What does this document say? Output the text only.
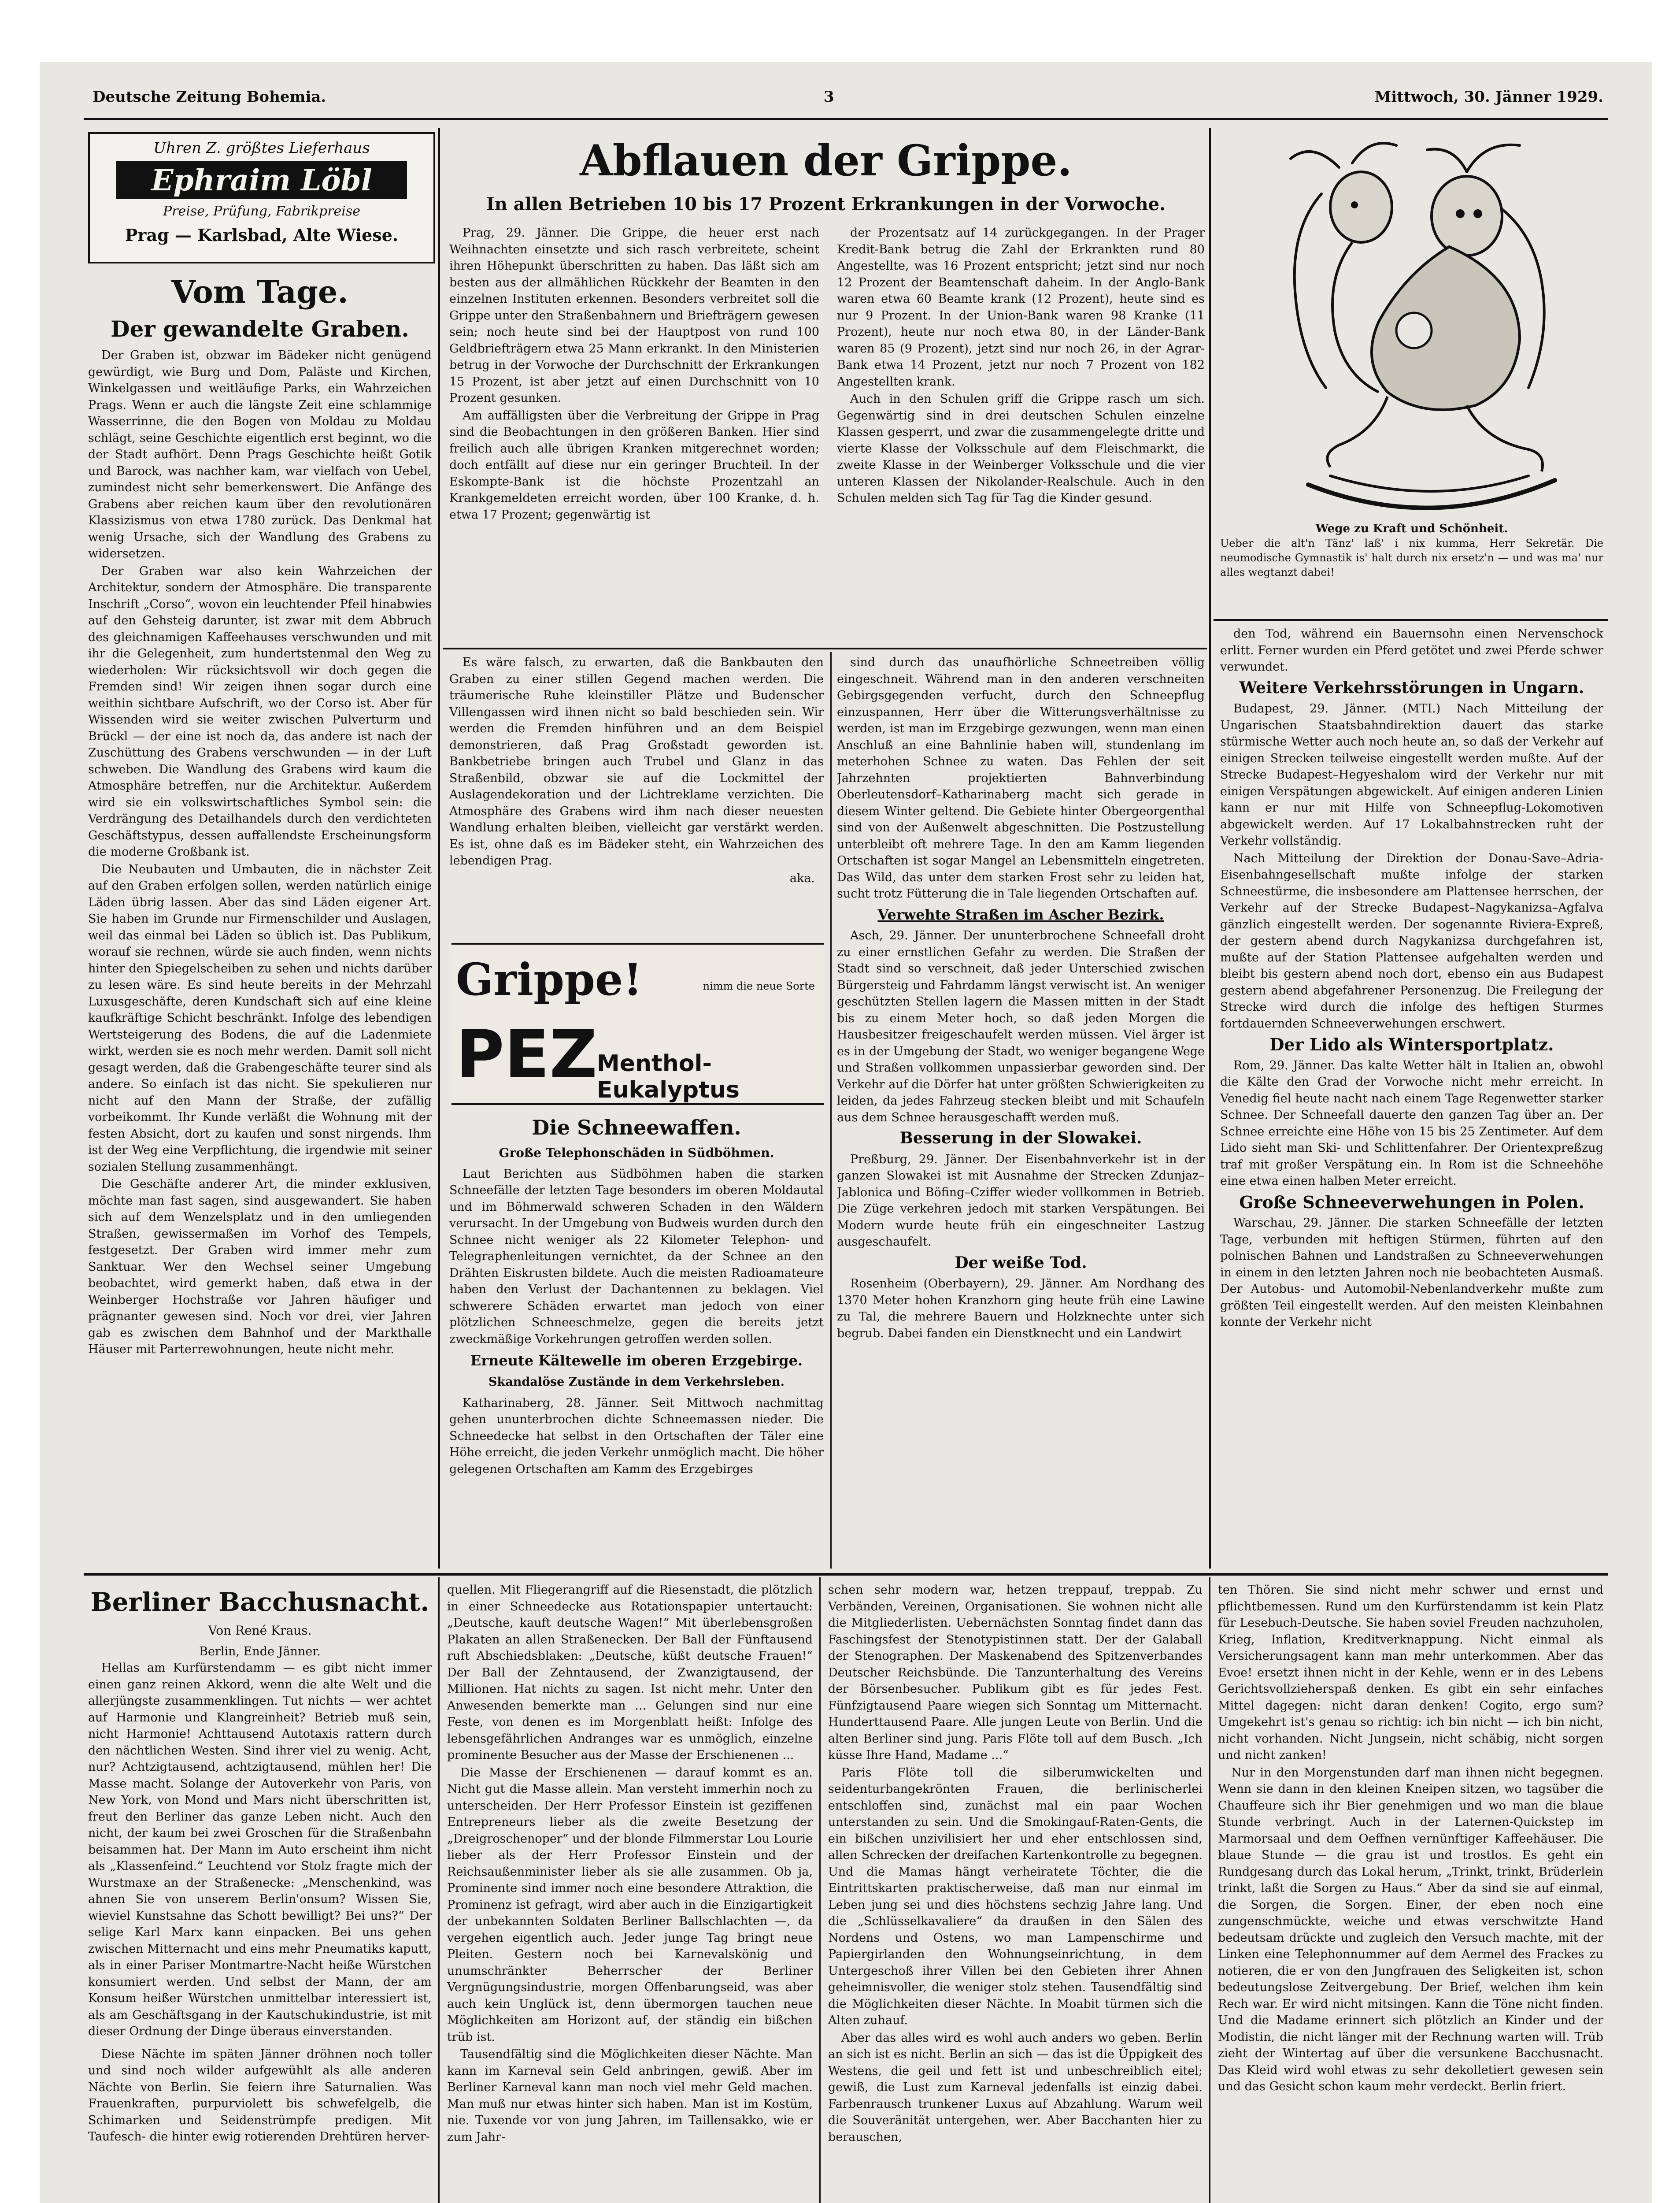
Deutsche Zeitung Bohemia.	3	Mittwoch, 30. Jänner 1929.
Uhren Z. größtes Lieferhaus
Ephraim Löbl
Preise, Prüfung, Fabrikpreise
Prag — Karlsbad, Alte Wiese.
Vom Tage.
Der gewandelte Graben.

Der Graben ist, obzwar im Bädeker nicht genügend gewürdigt, wie Burg und Dom, Paläste und Kirchen, Winkelgassen und weitläufige Parks, ein Wahrzeichen Prags. Wenn er auch die längste Zeit eine schlammige Wasserrinne, die den Bogen von Moldau zu Moldau schlägt, seine Geschichte eigentlich erst beginnt, wo die der Stadt aufhört. Denn Prags Geschichte heißt Gotik und Barock, was nachher kam, war vielfach von Uebel, zumindest nicht sehr bemerkenswert. Die Anfänge des Grabens aber reichen kaum über den revolutionären Klassizismus von etwa 1780 zurück. Das Denkmal hat wenig Ursache, sich der Wandlung des Grabens zu widersetzen.

Der Graben war also kein Wahrzeichen der Architektur, sondern der Atmosphäre. Die transparente Inschrift „Corso“, wovon ein leuchtender Pfeil hinabwies auf den Gehsteig darunter, ist zwar mit dem Abbruch des gleichnamigen Kaffeehauses verschwunden und mit ihr die Gelegenheit, zum hundertstenmal den Weg zu wiederholen: Wir rücksichtsvoll wir doch gegen die Fremden sind! Wir zeigen ihnen sogar durch eine weithin sichtbare Aufschrift, wo der Corso ist. Aber für Wissenden wird sie weiter zwischen Pulverturm und Brückl — der eine ist noch da, das andere ist nach der Zuschüttung des Grabens verschwunden — in der Luft schweben. Die Wandlung des Grabens wird kaum die Atmosphäre betreffen, nur die Architektur. Außerdem wird sie ein volkswirtschaftliches Symbol sein: die Verdrängung des Detailhandels durch den verdichteten Geschäftstypus, dessen auffallendste Erscheinungsform die moderne Großbank ist.

Die Neubauten und Umbauten, die in nächster Zeit auf den Graben erfolgen sollen, werden natürlich einige Läden übrig lassen. Aber das sind Läden eigener Art. Sie haben im Grunde nur Firmenschilder und Auslagen, weil das einmal bei Läden so üblich ist. Das Publikum, worauf sie rechnen, würde sie auch finden, wenn nichts hinter den Spiegelscheiben zu sehen und nichts darüber zu lesen wäre. Es sind heute bereits in der Mehrzahl Luxusgeschäfte, deren Kundschaft sich auf eine kleine kaufkräftige Schicht beschränkt. Infolge des lebendigen Wertsteigerung des Bodens, die auf die Ladenmiete wirkt, werden sie es noch mehr werden. Damit soll nicht gesagt werden, daß die Grabengeschäfte teurer sind als andere. So einfach ist das nicht. Sie spekulieren nur nicht auf den Mann der Straße, der zufällig vorbeikommt. Ihr Kunde verläßt die Wohnung mit der festen Absicht, dort zu kaufen und sonst nirgends. Ihm ist der Weg eine Verpflichtung, die irgendwie mit seiner sozialen Stellung zusammenhängt.

Die Geschäfte anderer Art, die minder exklusiven, möchte man fast sagen, sind ausgewandert. Sie haben sich auf dem Wenzelsplatz und in den umliegenden Straßen, gewissermaßen im Vorhof des Tempels, festgesetzt. Der Graben wird immer mehr zum Sanktuar. Wer den Wechsel seiner Umgebung beobachtet, wird gemerkt haben, daß etwa in der Weinberger Hochstraße vor Jahren häufiger und prägnanter gewesen sind. Noch vor drei, vier Jahren gab es zwischen dem Bahnhof und der Markthalle Häuser mit Parterrewohnungen, heute nicht mehr.

Abflauen der Grippe.
In allen Betrieben 10 bis 17 Prozent Erkrankungen in der Vorwoche.

Prag, 29. Jänner. Die Grippe, die heuer erst nach Weihnachten einsetzte und sich rasch verbreitete, scheint ihren Höhepunkt überschritten zu haben. Das läßt sich am besten aus der allmählichen Rückkehr der Beamten in den einzelnen Instituten erkennen. Besonders verbreitet soll die Grippe unter den Straßenbahnern und Briefträgern gewesen sein; noch heute sind bei der Hauptpost von rund 100 Geldbriefträgern etwa 25 Mann erkrankt. In den Ministerien betrug in der Vorwoche der Durchschnitt der Erkrankungen 15 Prozent, ist aber jetzt auf einen Durchschnitt von 10 Prozent gesunken.

Am auffälligsten über die Verbreitung der Grippe in Prag sind die Beobachtungen in den größeren Banken. Hier sind freilich auch alle übrigen Kranken mitgerechnet worden; doch entfällt auf diese nur ein geringer Bruchteil. In der Eskompte-Bank ist die höchste Prozentzahl an Krankgemeldeten erreicht worden, über 100 Kranke, d. h. etwa 17 Prozent; gegenwärtig ist

der Prozentsatz auf 14 zurückgegangen. In der Prager Kredit-Bank betrug die Zahl der Erkrankten rund 80 Angestellte, was 16 Prozent entspricht; jetzt sind nur noch 12 Prozent der Beamtenschaft daheim. In der Anglo-Bank waren etwa 60 Beamte krank (12 Prozent), heute sind es nur 9 Prozent. In der Union-Bank waren 98 Kranke (11 Prozent), heute nur noch etwa 80, in der Länder-Bank waren 85 (9 Prozent), jetzt sind nur noch 26, in der Agrar-Bank etwa 14 Prozent, jetzt nur noch 7 Prozent von 182 Angestellten krank.

Auch in den Schulen griff die Grippe rasch um sich. Gegenwärtig sind in drei deutschen Schulen einzelne Klassen gesperrt, und zwar die zusammengelegte dritte und vierte Klasse der Volksschule auf dem Fleischmarkt, die zweite Klasse in der Weinberger Volksschule und die vier unteren Klassen der Nikolander-Realschule. Auch in den Schulen melden sich Tag für Tag die Kinder gesund.

Es wäre falsch, zu erwarten, daß die Bankbauten den Graben zu einer stillen Gegend machen werden. Die träumerische Ruhe kleinstiller Plätze und Budenscher Villengassen wird ihnen nicht so bald beschieden sein. Wir werden die Fremden hinführen und an dem Beispiel demonstrieren, daß Prag Großstadt geworden ist. Bankbetriebe bringen auch Trubel und Glanz in das Straßenbild, obzwar sie auf die Lockmittel der Auslagendekoration und der Lichtreklame verzichten. Die Atmosphäre des Grabens wird ihm nach dieser neuesten Wandlung erhalten bleiben, vielleicht gar verstärkt werden. Es ist, ohne daß es im Bädeker steht, ein Wahrzeichen des lebendigen Prag.

aka.
Grippe!	nimm die neue Sorte
PEZ
Menthol-Eukalyptus
Die Schneewaffen.
Große Telephonschäden in Südböhmen.

Laut Berichten aus Südböhmen haben die starken Schneefälle der letzten Tage besonders im oberen Moldautal und im Böhmerwald schweren Schaden in den Wäldern verursacht. In der Umgebung von Budweis wurden durch den Schnee nicht weniger als 22 Kilometer Telephon- und Telegraphenleitungen vernichtet, da der Schnee an den Drähten Eiskrusten bildete. Auch die meisten Radioamateure haben den Verlust der Dachantennen zu beklagen. Viel schwerere Schäden erwartet man jedoch von einer plötzlichen Schneeschmelze, gegen die bereits jetzt zweckmäßige Vorkehrungen getroffen werden sollen.

Erneute Kältewelle im oberen Erzgebirge.
Skandalöse Zustände in dem Verkehrsleben.

Katharinaberg, 28. Jänner. Seit Mittwoch nachmittag gehen ununterbrochen dichte Schneemassen nieder. Die Schneedecke hat selbst in den Ortschaften der Täler eine Höhe erreicht, die jeden Verkehr unmöglich macht. Die höher gelegenen Ortschaften am Kamm des Erzgebirges

sind durch das unaufhörliche Schneetreiben völlig eingeschneit. Während man in den anderen verschneiten Gebirgsgegenden verfucht, durch den Schneepflug einzuspannen, Herr über die Witterungsverhältnisse zu werden, ist man im Erzgebirge gezwungen, wenn man einen Anschluß an eine Bahnlinie haben will, stundenlang im meterhohen Schnee zu waten. Das Fehlen der seit Jahrzehnten projektierten Bahnverbindung Oberleutensdorf–Katharinaberg macht sich gerade in diesem Winter geltend. Die Gebiete hinter Obergeorgenthal sind von der Außenwelt abgeschnitten. Die Postzustellung unterbleibt oft mehrere Tage. In den am Kamm liegenden Ortschaften ist sogar Mangel an Lebensmitteln eingetreten. Das Wild, das unter dem starken Frost sehr zu leiden hat, sucht trotz Fütterung die in Tale liegenden Ortschaften auf.

Verwehte Straßen im Ascher Bezirk.

Asch, 29. Jänner. Der ununterbrochene Schneefall droht zu einer ernstlichen Gefahr zu werden. Die Straßen der Stadt sind so verschneit, daß jeder Unterschied zwischen Bürgersteig und Fahrdamm längst verwischt ist. An weniger geschützten Stellen lagern die Massen mitten in der Stadt bis zu einem Meter hoch, so daß jeden Morgen die Hausbesitzer freigeschaufelt werden müssen. Viel ärger ist es in der Umgebung der Stadt, wo weniger begangene Wege und Straßen vollkommen unpassierbar geworden sind. Der Verkehr auf die Dörfer hat unter größten Schwierigkeiten zu leiden, da jedes Fahrzeug stecken bleibt und mit Schaufeln aus dem Schnee herausgeschafft werden muß.

Besserung in der Slowakei.

Preßburg, 29. Jänner. Der Eisenbahnverkehr ist in der ganzen Slowakei ist mit Ausnahme der Strecken Zdunjaz–Jablonica und Böfing–Cziffer wieder vollkommen in Betrieb. Die Züge verkehren jedoch mit starken Verspätungen. Bei Modern wurde heute früh ein eingeschneiter Lastzug ausgeschaufelt.

Der weiße Tod.

Rosenheim (Oberbayern), 29. Jänner. Am Nordhang des 1370 Meter hohen Kranzhorn ging heute früh eine Lawine zu Tal, die mehrere Bauern und Holzknechte unter sich begrub. Dabei fanden ein Dienstknecht und ein Landwirt

Wege zu Kraft und Schönheit.
Ueber die alt'n Tänz' laß' i nix kumma, Herr Sekretär. Die neumodische Gymnastik is' halt durch nix ersetz'n — und was ma' nur alles wegtanzt dabei!

den Tod, während ein Bauernsohn einen Nervenschock erlitt. Ferner wurden ein Pferd getötet und zwei Pferde schwer verwundet.

Weitere Verkehrsstörungen in Ungarn.

Budapest, 29. Jänner. (MTI.) Nach Mitteilung der Ungarischen Staatsbahndirektion dauert das starke stürmische Wetter auch noch heute an, so daß der Verkehr auf einigen Strecken teilweise eingestellt werden mußte. Auf der Strecke Budapest–Hegyeshalom wird der Verkehr nur mit einigen Verspätungen abgewickelt. Auf einigen anderen Linien kann er nur mit Hilfe von Schneepflug-Lokomotiven abgewickelt werden. Auf 17 Lokalbahnstrecken ruht der Verkehr vollständig.

Nach Mitteilung der Direktion der Donau-Save–Adria-Eisenbahngesellschaft mußte infolge der starken Schneestürme, die insbesondere am Plattensee herrschen, der Verkehr auf der Strecke Budapest–Nagykanizsa–Agfalva gänzlich eingestellt werden. Der sogenannte Riviera-Expreß, der gestern abend durch Nagykanizsa durchgefahren ist, mußte auf der Station Plattensee aufgehalten werden und bleibt bis gestern abend noch dort, ebenso ein aus Budapest gestern abend abgefahrener Personenzug. Die Freilegung der Strecke wird durch die infolge des heftigen Sturmes fortdauernden Schneeverwehungen erschwert.

Der Lido als Wintersportplatz.

Rom, 29. Jänner. Das kalte Wetter hält in Italien an, obwohl die Kälte den Grad der Vorwoche nicht mehr erreicht. In Venedig fiel heute nacht nach einem Tage Regenwetter starker Schnee. Der Schneefall dauerte den ganzen Tag über an. Der Schnee erreichte eine Höhe von 15 bis 25 Zentimeter. Auf dem Lido sieht man Ski- und Schlittenfahrer. Der Orientexpreßzug traf mit großer Verspätung ein. In Rom ist die Schneehöhe eine etwa einen halben Meter erreicht.

Große Schneeverwehungen in Polen.

Warschau, 29. Jänner. Die starken Schneefälle der letzten Tage, verbunden mit heftigen Stürmen, führten auf den polnischen Bahnen und Landstraßen zu Schneeverwehungen in einem in den letzten Jahren noch nie beobachteten Ausmaß. Der Autobus- und Automobil-Nebenlandverkehr mußte zum größten Teil eingestellt werden. Auf den meisten Kleinbahnen konnte der Verkehr nicht

Berliner Bacchusnacht.
Von René Kraus.
Berlin, Ende Jänner.

Hellas am Kurfürstendamm — es gibt nicht immer einen ganz reinen Akkord, wenn die alte Welt und die allerjüngste zusammenklingen. Tut nichts — wer achtet auf Harmonie und Klangreinheit? Betrieb muß sein, nicht Harmonie! Achttausend Autotaxis rattern durch den nächtlichen Westen. Sind ihrer viel zu wenig. Acht, nur? Achtzigtausend, achtzigtausend, mühlen her! Die Masse macht. Solange der Autoverkehr von Paris, von New York, von Mond und Mars nicht überschritten ist, freut den Berliner das ganze Leben nicht. Auch den nicht, der kaum bei zwei Groschen für die Straßenbahn beisammen hat. Der Mann im Auto erscheint ihm nicht als „Klassenfeind.“ Leuchtend vor Stolz fragte mich der Wurstmaxe an der Straßenecke: „Menschenkind, was ahnen Sie von unserem Berlin'onsum? Wissen Sie, wieviel Kunstsahne das Schott bewilligt? Bei uns?“ Der selige Karl Marx kann einpacken. Bei uns gehen zwischen Mitternacht und eins mehr Pneumatiks kaputt, als in einer Pariser Montmartre-Nacht heiße Würstchen konsumiert werden. Und selbst der Mann, der am Konsum heißer Würstchen unmittelbar interessiert ist, als am Geschäftsgang in der Kautschukindustrie, ist mit dieser Ordnung der Dinge überaus einverstanden.

Diese Nächte im späten Jänner dröhnen noch toller und sind noch wilder aufgewühlt als alle anderen Nächte von Berlin. Sie feiern ihre Saturnalien. Was Frauenkraften, purpurviolett bis schwefelgelb, die Schimarken und Seidenstrümpfe predigen. Mit Taufesch- die hinter ewig rotierenden Drehtüren herver-

quellen. Mit Fliegerangriff auf die Riesenstadt, die plötzlich in einer Schneedecke aus Rotationspapier untertaucht: „Deutsche, kauft deutsche Wagen!“ Mit überlebensgroßen Plakaten an allen Straßenecken. Der Ball der Fünftausend ruft Abschiedsblaken: „Deutsche, küßt deutsche Frauen!“ Der Ball der Zehntausend, der Zwanzigtausend, der Millionen. Hat nichts zu sagen. Ist nicht mehr. Unter den Anwesenden bemerkte man ... Gelungen sind nur eine Feste, von denen es im Morgenblatt heißt: Infolge des lebensgefährlichen Andranges war es unmöglich, einzelne prominente Besucher aus der Masse der Erschienenen ...

Die Masse der Erschienenen — darauf kommt es an. Nicht gut die Masse allein. Man versteht immerhin noch zu unterscheiden. Der Herr Professor Einstein ist geziffenen Entrepreneurs lieber als die zweite Besetzung der „Dreigroschenoper“ und der blonde Filmmerstar Lou Lourie lieber als der Herr Professor Einstein und der Reichsaußenminister lieber als sie alle zusammen. Ob ja, Prominente sind immer noch eine besondere Attraktion, die Prominenz ist gefragt, wird aber auch in die Einzigartigkeit der unbekannten Soldaten Berliner Ballschlachten —, da vergehen eigentlich auch. Jeder junge Tag bringt neue Pleiten. Gestern noch bei Karnevalskönig und unumschränkter Beherrscher der Berliner Vergnügungsindustrie, morgen Offenbarungseid, was aber auch kein Unglück ist, denn übermorgen tauchen neue Möglichkeiten am Horizont auf, der ständig ein bißchen trüb ist.

Tausendfältig sind die Möglichkeiten dieser Nächte. Man kann im Karneval sein Geld anbringen, gewiß. Aber im Berliner Karneval kann man noch viel mehr Geld machen. Man muß nur etwas hinter sich haben. Man ist im Kostüm, nie. Tuxende vor von jung Jahren, im Taillensakko, wie er zum Jahr-

schen sehr modern war, hetzen treppauf, treppab. Zu Verbänden, Vereinen, Organisationen. Sie wohnen nicht alle die Mitgliederlisten. Uebernächsten Sonntag findet dann das Faschingsfest der Stenotypistinnen statt. Der der Galaball der Stenographen. Der Maskenabend des Spitzenverbandes Deutscher Reichsbünde. Die Tanzunterhaltung des Vereins der Börsenbesucher. Publikum gibt es für jedes Fest. Fünfzigtausend Paare wiegen sich Sonntag um Mitternacht. Hunderttausend Paare. Alle jungen Leute von Berlin. Und die alten Berliner sind jung. Paris Flöte toll auf dem Busch. „Ich küsse Ihre Hand, Madame ...“

Paris Flöte toll die silberumwickelten und seidenturbangekrönten Frauen, die berlinischerlei entschloffen sind, zunächst mal ein paar Wochen unterstanden zu sein. Und die Smokingauf-Raten-Gents, die ein bißchen unzivilisiert her und eher entschlossen sind, allen Schrecken der dreifachen Kartenkontrolle zu begegnen. Und die Mamas hängt verheiratete Töchter, die die Eintrittskarten praktischerweise, daß man nur einmal im Leben jung sei und dies höchstens sechzig Jahre lang. Und die „Schlüsselkavaliere“ da draußen in den Sälen des Nordens und Ostens, wo man Lampenschirme und Papiergirlanden den Wohnungseinrichtung, in dem Untergeschoß ihrer Villen bei den Gebieten ihrer Ahnen geheimnisvoller, die weniger stolz stehen. Tausendfältig sind die Möglichkeiten dieser Nächte. In Moabit türmen sich die Alten zuhauf.

Aber das alles wird es wohl auch anders wo geben. Berlin an sich ist es nicht. Berlin an sich — das ist die Üppigkeit des Westens, die geil und fett ist und unbeschreiblich eitel; gewiß, die Lust zum Karneval jedenfalls ist einzig dabei. Farbenrausch trunkener Luxus auf Abzahlung. Warum weil die Souveränität untergehen, wer. Aber Bacchanten hier zu berauschen,

ten Thören. Sie sind nicht mehr schwer und ernst und pflichtbemessen. Rund um den Kurfürstendamm ist kein Platz für Lesebuch-Deutsche. Sie haben soviel Freuden nachzuholen, Krieg, Inflation, Kreditverknappung. Nicht einmal als Versicherungsagent kann man mehr unterkommen. Aber das Evoe! ersetzt ihnen nicht in der Kehle, wenn er in des Lebens Gerichtsvollzieherspaß denken. Es gibt ein sehr einfaches Mittel dagegen: nicht daran denken! Cogito, ergo sum? Umgekehrt ist's genau so richtig: ich bin nicht — ich bin nicht, nicht vorhanden. Nicht Jungsein, nicht schäbig, nicht sorgen und nicht zanken!

Nur in den Morgenstunden darf man ihnen nicht begegnen. Wenn sie dann in den kleinen Kneipen sitzen, wo tagsüber die Chauffeure sich ihr Bier genehmigen und wo man die blaue Stunde verbringt. Auch in der Laternen-Quickstep im Marmorsaal und dem Oeffnen vernünftiger Kaffeehäuser. Die blaue Stunde — die grau ist und trostlos. Es geht ein Rundgesang durch das Lokal herum, „Trinkt, trinkt, Brüderlein trinkt, laßt die Sorgen zu Haus.“ Aber da sind sie auf einmal, die Sorgen, die Sorgen. Einer, der eben noch eine zungenschmückte, weiche und etwas verschwitzte Hand bedeutsam drückte und zugleich den Versuch machte, mit der Linken eine Telephonnummer auf dem Aermel des Frackes zu notieren, die er von den Jungfrauen des Seligkeiten ist, schon bedeutungslose Zeitvergebung. Der Brief, welchen ihm kein Rech war. Er wird nicht mitsingen. Kann die Töne nicht finden. Und die Madame erinnert sich plötzlich an Kinder und der Modistin, die nicht länger mit der Rechnung warten will. Trüb zieht der Wintertag auf über die versunkene Bacchusnacht. Das Kleid wird wohl etwas zu sehr dekolletiert gewesen sein und das Gesicht schon kaum mehr verdeckt. Berlin friert.
